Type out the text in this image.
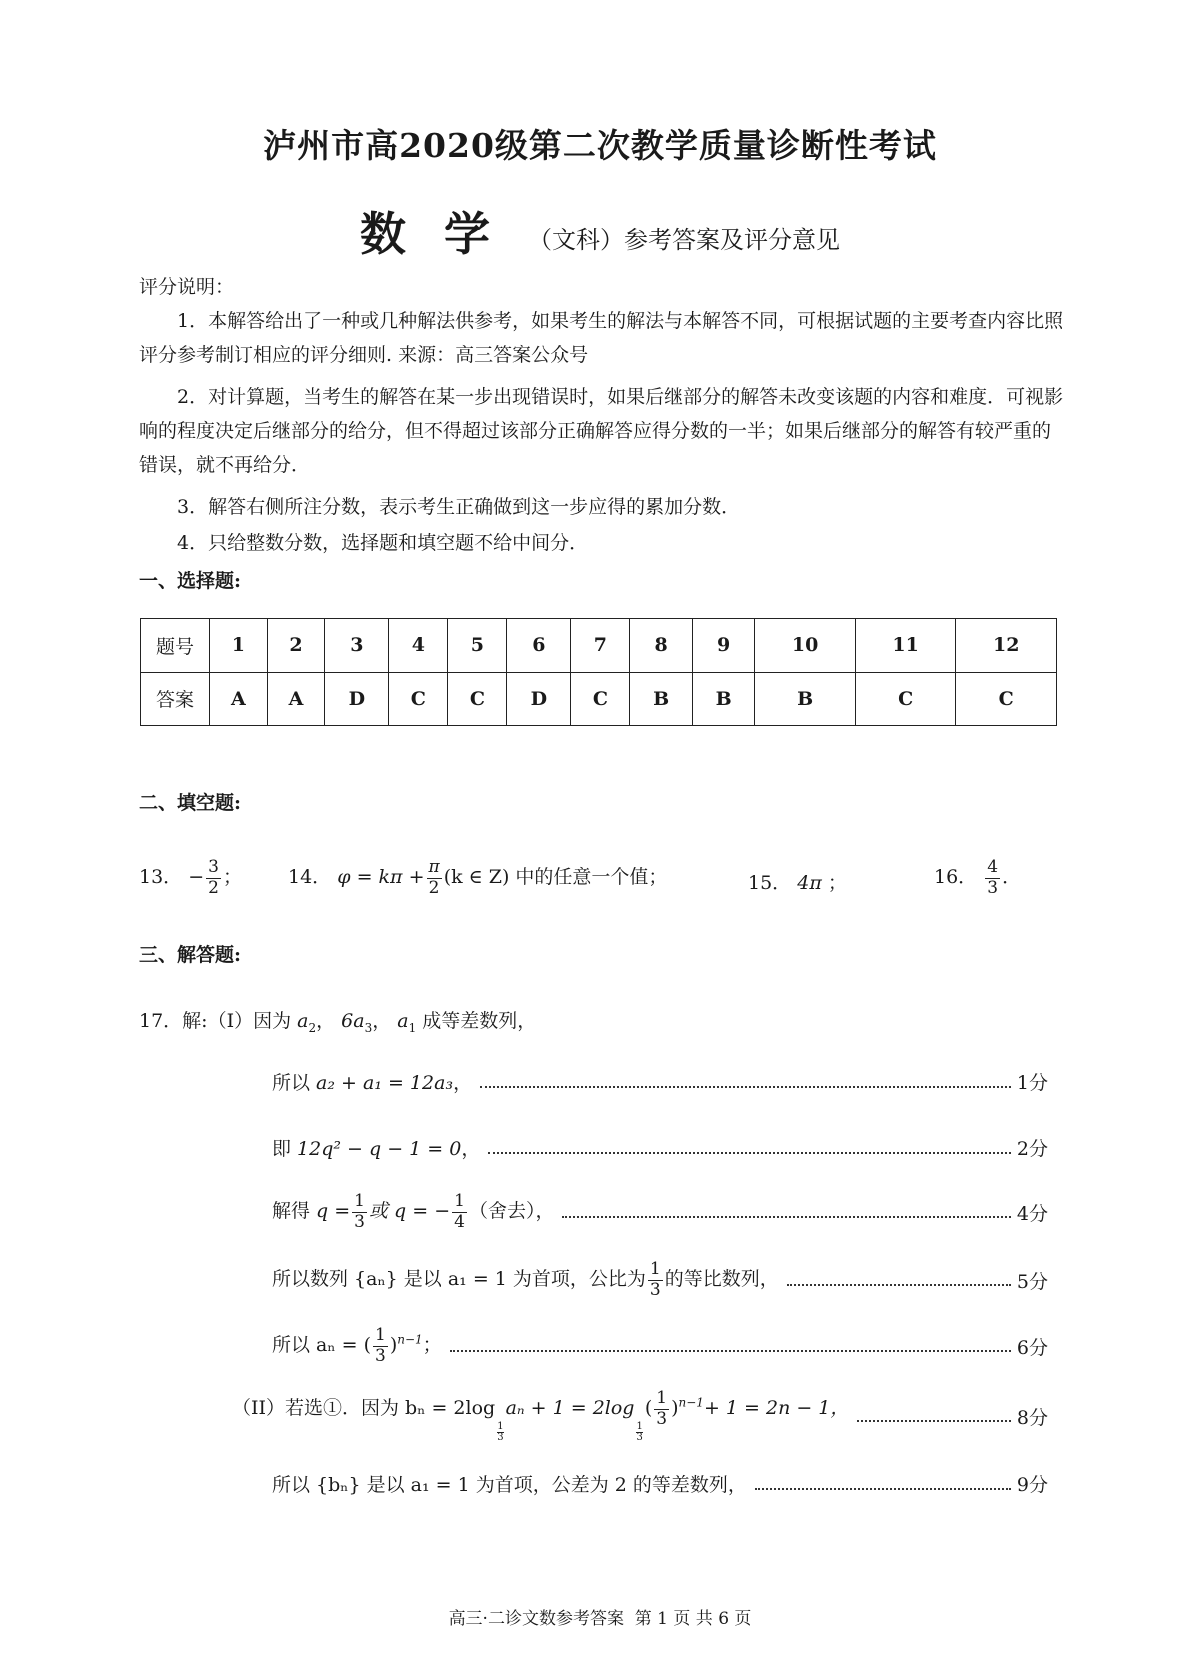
泸州市高2020级第二次教学质量诊断性考试
数学（文科）参考答案及评分意见
评分说明：
1．本解答给出了一种或几种解法供参考，如果考生的解法与本解答不同，可根据试题的主要考查内容比照评分参考制订相应的评分细则. 来源：高三答案公众号
2．对计算题，当考生的解答在某一步出现错误时，如果后继部分的解答未改变该题的内容和难度．可视影响的程度决定后继部分的给分，但不得超过该部分正确解答应得分数的一半；如果后继部分的解答有较严重的错误，就不再给分．
3．解答右侧所注分数，表示考生正确做到这一步应得的累加分数．
4．只给整数分数，选择题和填空题不给中间分．
一、选择题:
题号	1	2	3	4	5	6	7	8	9	10	11	12
答案	A	A	D	C	C	D	C	B	B	B	C	C
二、填空题:
13． − $\frac{3}{2}$ ； 14． $\varphi = k\pi + \frac{\pi}{2} (k$ ∈ Z) 中的任意一个值；	15． 4π ；	16． $\frac{4}{3}$ ．
三、解答题:
17．解:（I）因为 $a_2$， $6a_3$， $a_1$ 成等差数列，
所以 a₂ + a₁ = 12a₃，	1分
即 12q² − q − 1 = 0，	2分
解得 $q = \frac{1}{3}$ 或 q = − $\frac{1}{4}$ （舍去），	4分
所以数列 {aₙ} 是以 a₁ = 1 为首项，公比为 $\frac{1}{3}$ 的等比数列，	5分
所以 aₙ = ( $\frac{1}{3} )^{n-1}$；	6分
（II）若选①．因为 bₙ = 2log
$\frac{1}{3}$
aₙ + 1 = 2log
$\frac{1}{3}$
( $\frac{1}{3} )^{n-1}+ 1 = 2n - 1$，	8分
所以 {bₙ} 是以 a₁ = 1 为首项，公差为 2 的等差数列，	9分
高三·二诊文数参考答案 第 1 页 共 6 页
